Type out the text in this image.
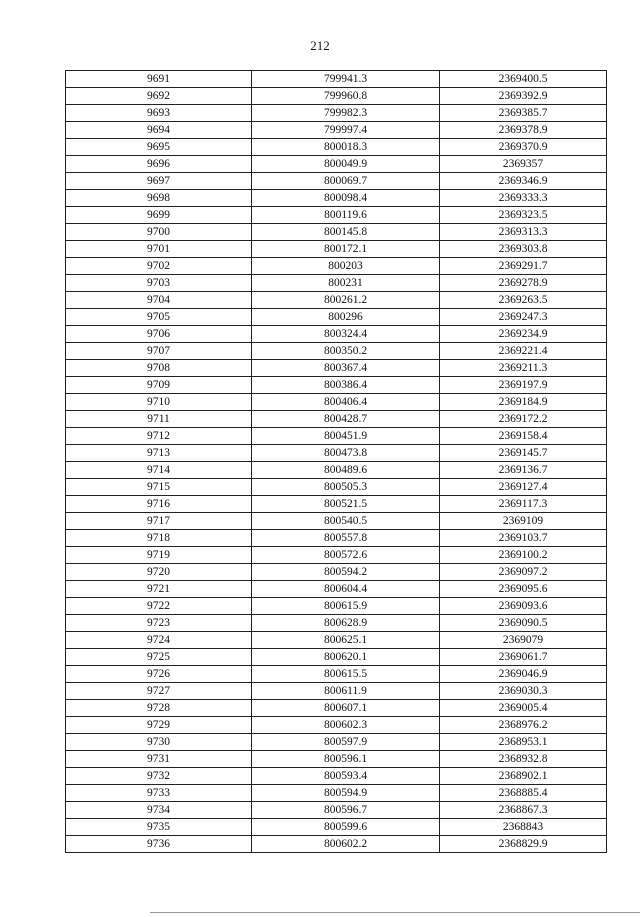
212
9691	799941.3	2369400.5
9692	799960.8	2369392.9
9693	799982.3	2369385.7
9694	799997.4	2369378.9
9695	800018.3	2369370.9
9696	800049.9	2369357
9697	800069.7	2369346.9
9698	800098.4	2369333.3
9699	800119.6	2369323.5
9700	800145.8	2369313.3
9701	800172.1	2369303.8
9702	800203	2369291.7
9703	800231	2369278.9
9704	800261.2	2369263.5
9705	800296	2369247.3
9706	800324.4	2369234.9
9707	800350.2	2369221.4
9708	800367.4	2369211.3
9709	800386.4	2369197.9
9710	800406.4	2369184.9
9711	800428.7	2369172.2
9712	800451.9	2369158.4
9713	800473.8	2369145.7
9714	800489.6	2369136.7
9715	800505.3	2369127.4
9716	800521.5	2369117.3
9717	800540.5	2369109
9718	800557.8	2369103.7
9719	800572.6	2369100.2
9720	800594.2	2369097.2
9721	800604.4	2369095.6
9722	800615.9	2369093.6
9723	800628.9	2369090.5
9724	800625.1	2369079
9725	800620.1	2369061.7
9726	800615.5	2369046.9
9727	800611.9	2369030.3
9728	800607.1	2369005.4
9729	800602.3	2368976.2
9730	800597.9	2368953.1
9731	800596.1	2368932.8
9732	800593.4	2368902.1
9733	800594.9	2368885.4
9734	800596.7	2368867.3
9735	800599.6	2368843
9736	800602.2	2368829.9
